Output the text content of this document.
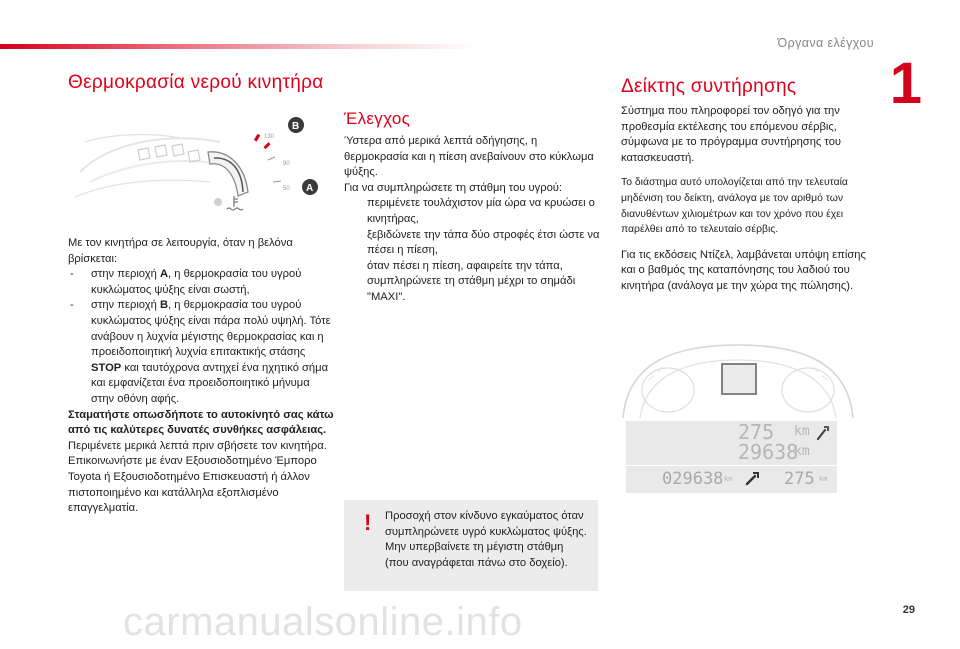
Όργανα ελέγχου
1
Θερμοκρασία νερού κινητήρα
130
90
50
B
A

Με τον κινητήρα σε λειτουργία, όταν η βελόνα βρίσκεται:

- στην περιοχή A, η θερμοκρασία του υγρού κυκλώματος ψύξης είναι σωστή,

- στην περιοχή B, η θερμοκρασία του υγρού κυκλώματος ψύξης είναι πάρα πολύ υψηλή. Τότε ανάβουν η λυχνία μέγιστης θερμοκρασίας και η προειδοποιητική λυχνία επιτακτικής στάσης STOP και ταυτόχρονα αντηχεί ένα ηχητικό σήμα και εμφανίζεται ένα προειδοποιητικό μήνυμα στην οθόνη αφής.

Σταματήστε οπωσδήποτε το αυτοκίνητό σας κάτω από τις καλύτερες δυνατές συνθήκες ασφάλειας.

Περιμένετε μερικά λεπτά πριν σβήσετε τον κινητήρα.

Επικοινωνήστε με έναν Εξουσιοδοτημένο Έμπορο Toyota ή Εξουσιοδοτημένο Επισκευαστή ή άλλον πιστοποιημένο και κατάλληλα εξοπλισμένο επαγγελματία.

Έλεγχος

Ύστερα από μερικά λεπτά οδήγησης, η θερμοκρασία και η πίεση ανεβαίνουν στο κύκλωμα ψύξης.

Για να συμπληρώσετε τη στάθμη του υγρού:

περιμένετε τουλάχιστον μία ώρα να κρυώσει ο κινητήρας,

ξεβιδώνετε την τάπα δύο στροφές έτσι ώστε να πέσει η πίεση,

όταν πέσει η πίεση, αφαιρείτε την τάπα,

συμπληρώνετε τη στάθμη μέχρι το σημάδι "MAXI".

! Προσοχή στον κίνδυνο εγκαύματος όταν συμπληρώνετε υγρό κυκλώματος ψύξης. Μην υπερβαίνετε τη μέγιστη στάθμη (που αναγράφεται πάνω στο δοχείο).
Δείκτης συντήρησης

Σύστημα που πληροφορεί τον οδηγό για την προθεσμία εκτέλεσης του επόμενου σέρβις, σύμφωνα με το πρόγραμμα συντήρησης του κατασκευαστή.

Το διάστημα αυτό υπολογίζεται από την τελευταία μηδένιση του δείκτη, ανάλογα με τον αριθμό των διανυθέντων χιλιομέτρων και τον χρόνο που έχει παρέλθει από το τελευταίο σέρβις.

Για τις εκδόσεις Ντίζελ, λαμβάνεται υπόψη επίσης και ο βαθμός της καταπόνησης του λαδιού του κινητήρα (ανάλογα με την χώρα της πώλησης).

275 km
29638
km
029638 km	275 km
29
carmanualsonline.info
